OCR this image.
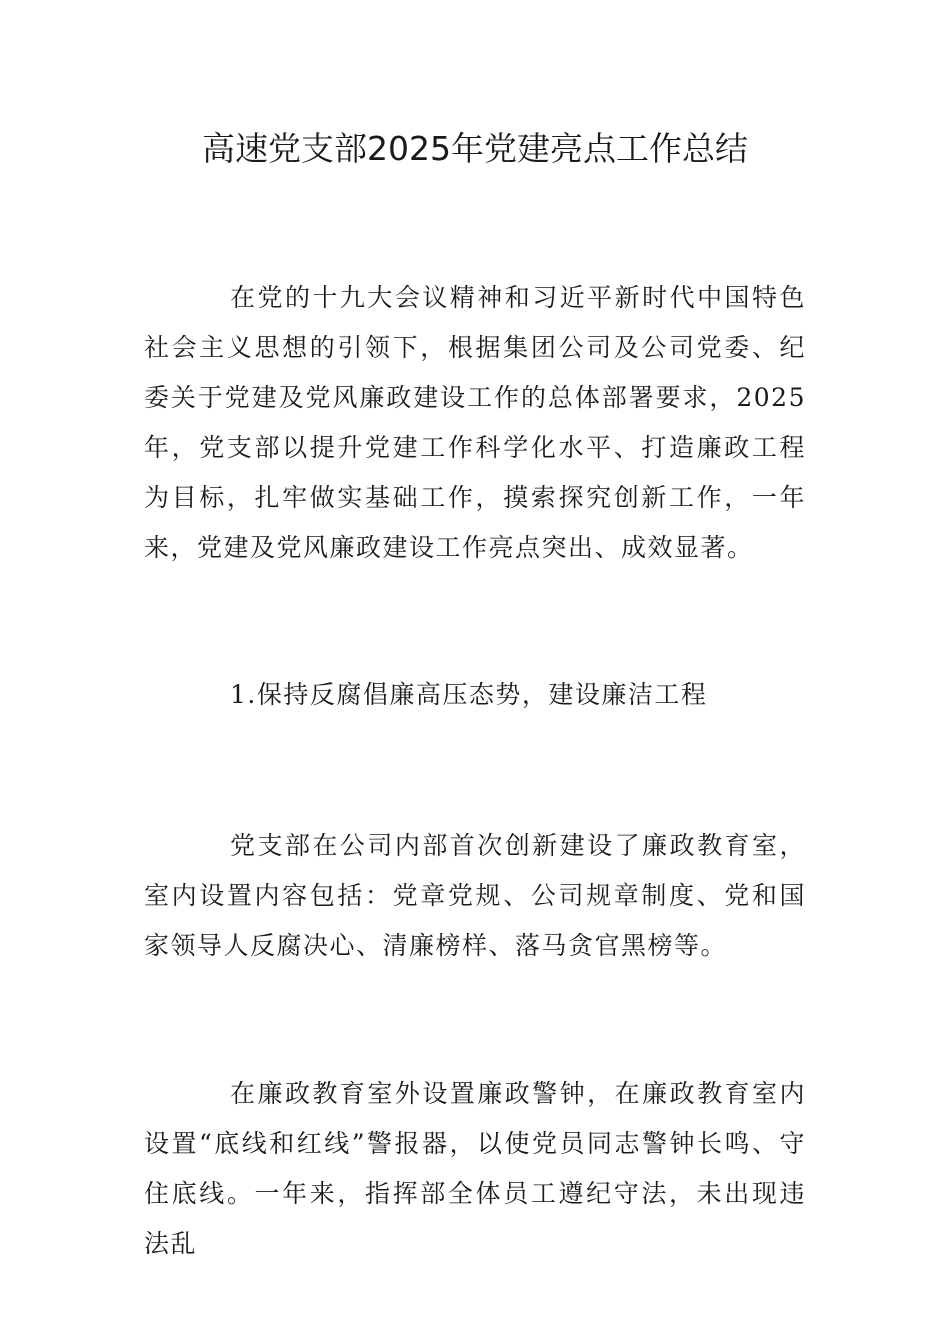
高速党支部2025年党建亮点工作总结

在党的十九大会议精神和习近平新时代中国特色社会主义思想的引领下，根据集团公司及公司党委、纪委关于党建及党风廉政建设工作的总体部署要求，2025年，党支部以提升党建工作科学化水平、打造廉政工程为目标，扎牢做实基础工作，摸索探究创新工作，一年来，党建及党风廉政建设工作亮点突出、成效显著。

1.保持反腐倡廉高压态势，建设廉洁工程

党支部在公司内部首次创新建设了廉政教育室，室内设置内容包括：党章党规、公司规章制度、党和国家领导人反腐决心、清廉榜样、落马贪官黑榜等。

在廉政教育室外设置廉政警钟，在廉政教育室内设置“底线和红线”警报器，以使党员同志警钟长鸣、守住底线。一年来，指挥部全体员工遵纪守法，未出现违法乱
